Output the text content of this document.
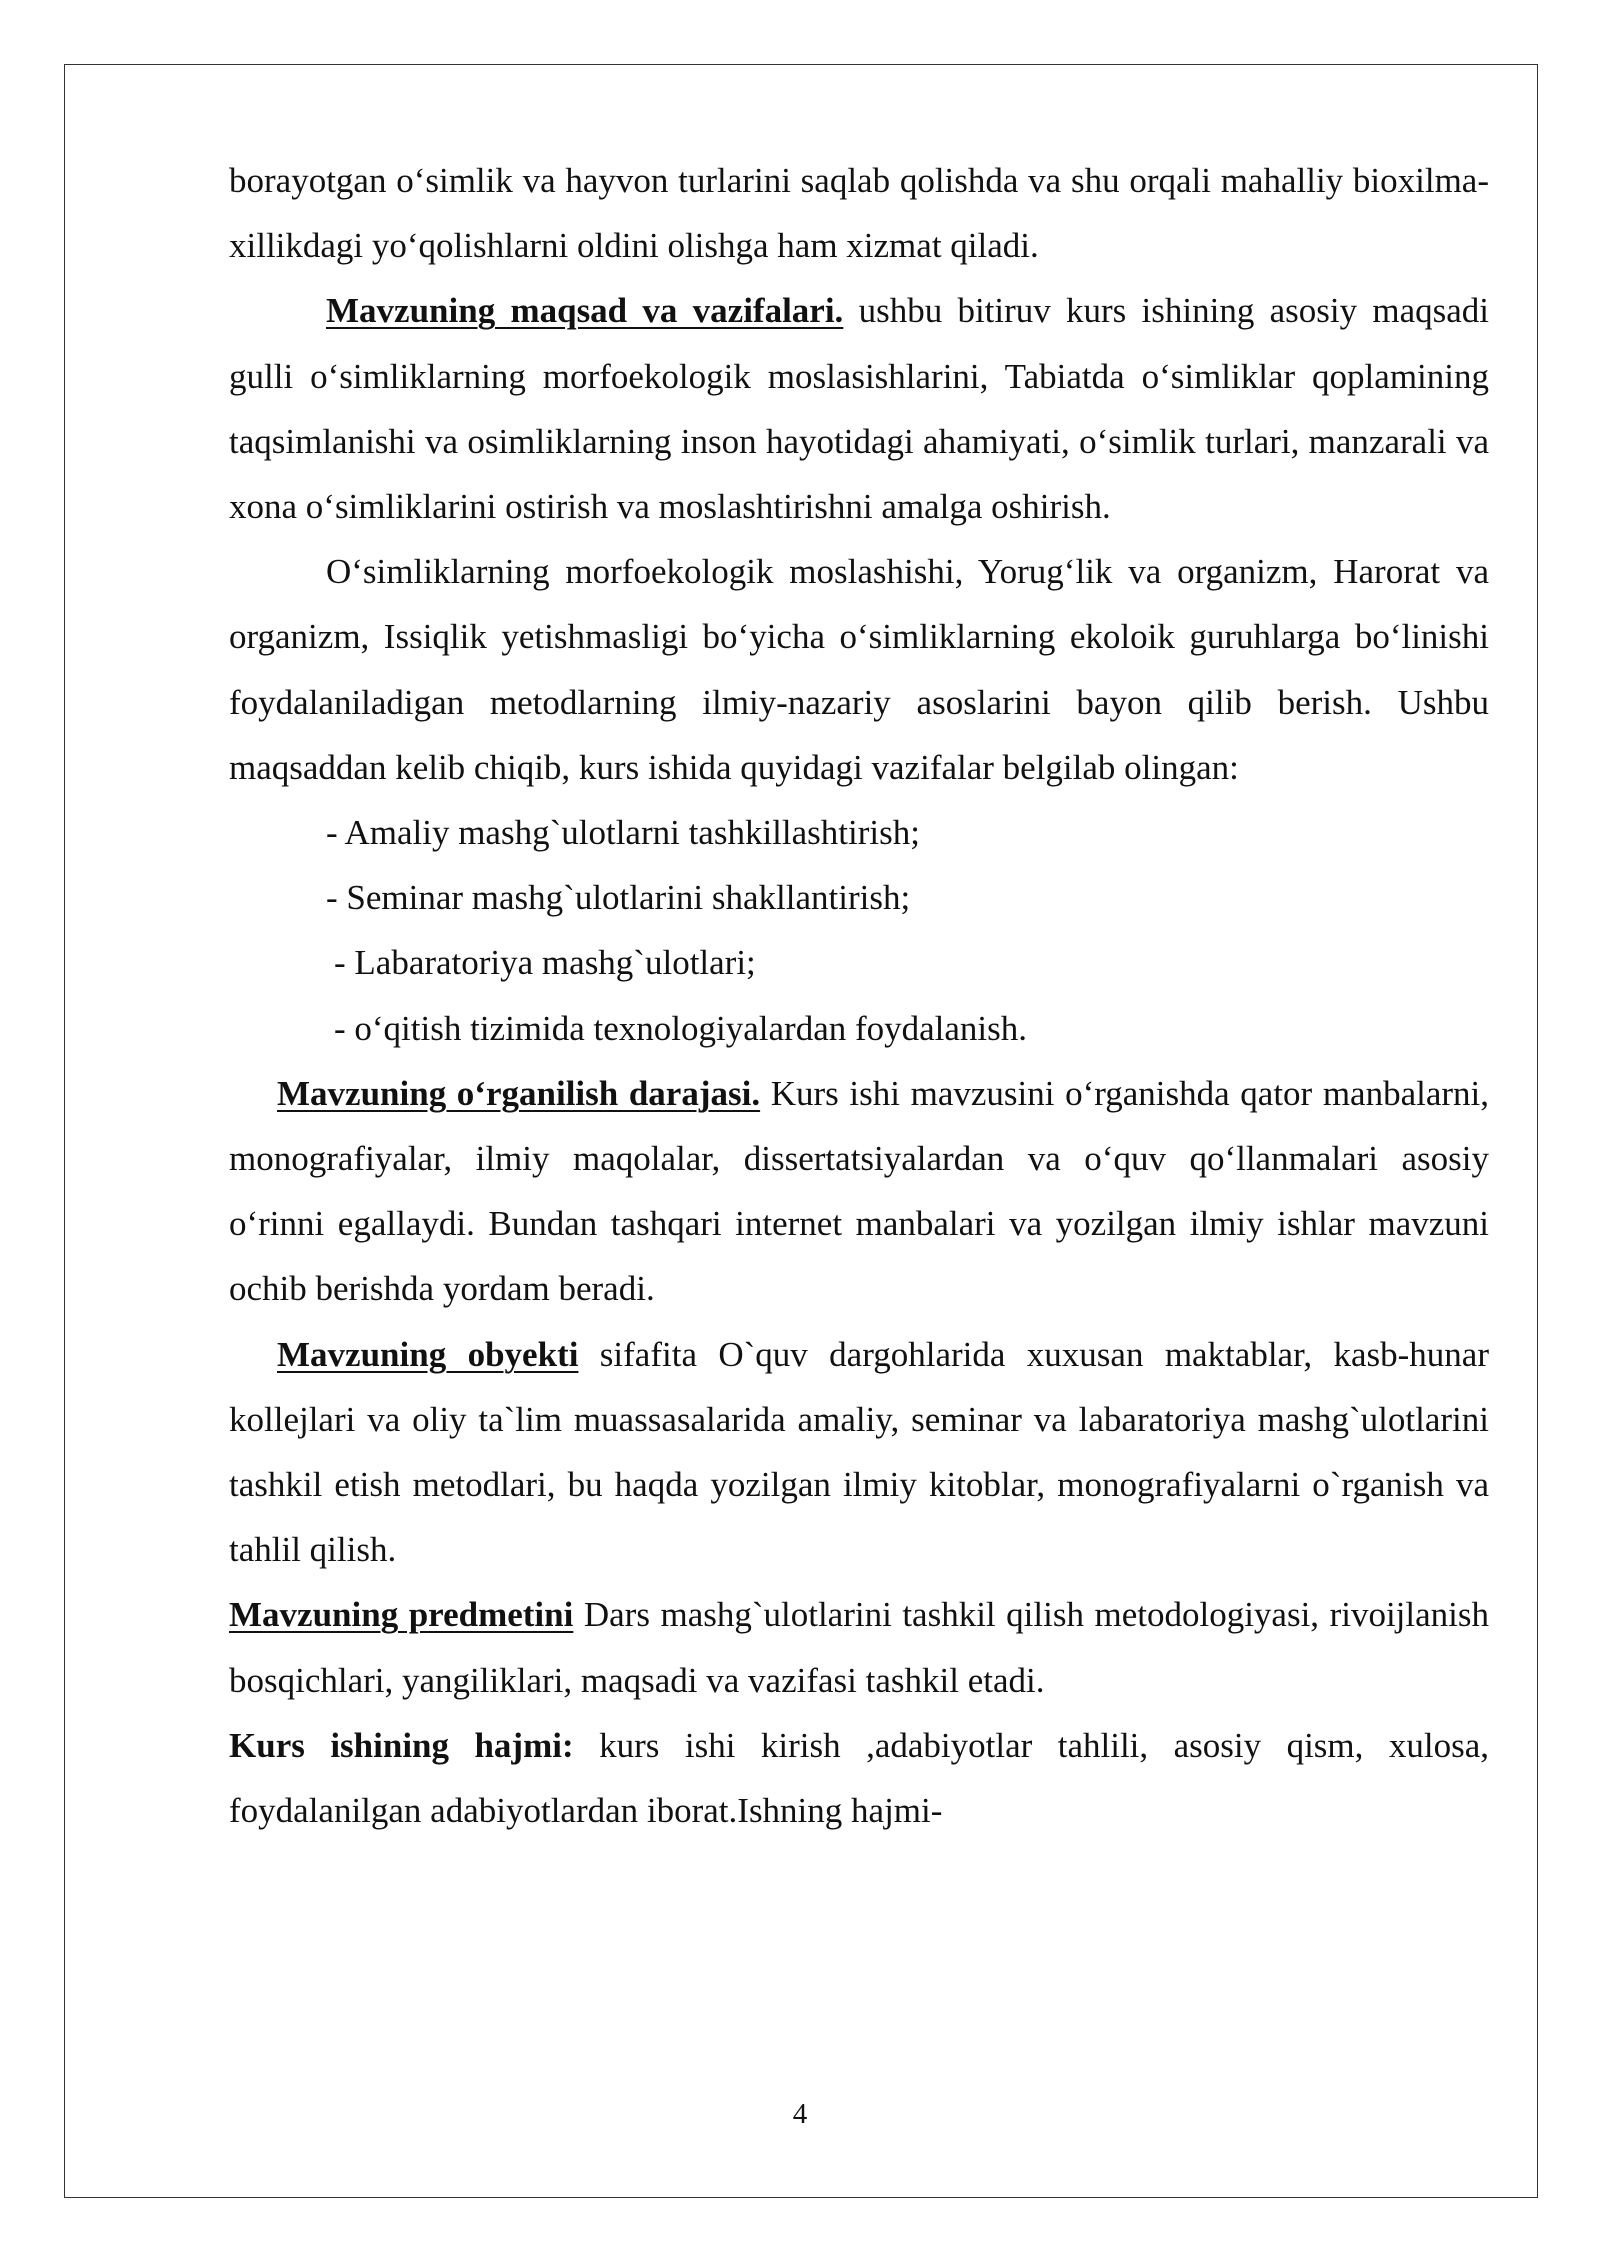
borayotgan o‘simlik va hayvon turlarini saqlab qolishda va shu orqali mahalliy bioxilma-xillikdagi yo‘qolishlarni oldini olishga ham xizmat qiladi.

Mavzuning maqsad va vazifalari. ushbu bitiruv kurs ishining asosiy maqsadi gulli o‘simliklarning morfoekologik moslasishlarini, Tabiatda o‘simliklar qoplamining taqsimlanishi va osimliklarning inson hayotidagi ahamiyati, o‘simlik turlari, manzarali va xona o‘simliklarini ostirish va moslashtirishni amalga oshirish.

O‘simliklarning morfoekologik moslashishi, Yorug‘lik va organizm, Harorat va organizm, Issiqlik yetishmasligi bo‘yicha o‘simliklarning ekoloik guruhlarga bo‘linishi foydalaniladigan metodlarning ilmiy-nazariy asoslarini bayon qilib berish. Ushbu maqsaddan kelib chiqib, kurs ishida quyidagi vazifalar belgilab olingan:

- Amaliy mashg`ulotlarni tashkillashtirish;

- Seminar mashg`ulotlarini shakllantirish;

- Labaratoriya mashg`ulotlari;

- o‘qitish tizimida texnologiyalardan foydalanish.

Mavzuning o‘rganilish darajasi. Kurs ishi mavzusini o‘rganishda qator manbalarni, monografiyalar, ilmiy maqolalar, dissertatsiyalardan va o‘quv qo‘llanmalari asosiy o‘rinni egallaydi. Bundan tashqari internet manbalari va yozilgan ilmiy ishlar mavzuni ochib berishda yordam beradi.

Mavzuning obyekti sifafita O`quv dargohlarida xuxusan maktablar, kasb-hunar kollejlari va oliy ta`lim muassasalarida amaliy, seminar va labaratoriya mashg`ulotlarini tashkil etish metodlari, bu haqda yozilgan ilmiy kitoblar, monografiyalarni o`rganish va tahlil qilish.

Mavzuning predmetini Dars mashg`ulotlarini tashkil qilish metodologiyasi, rivoijlanish bosqichlari, yangiliklari, maqsadi va vazifasi tashkil etadi.

Kurs ishining hajmi: kurs ishi kirish ,adabiyotlar tahlili, asosiy qism, xulosa, foydalanilgan adabiyotlardan iborat.Ishning hajmi-

4
